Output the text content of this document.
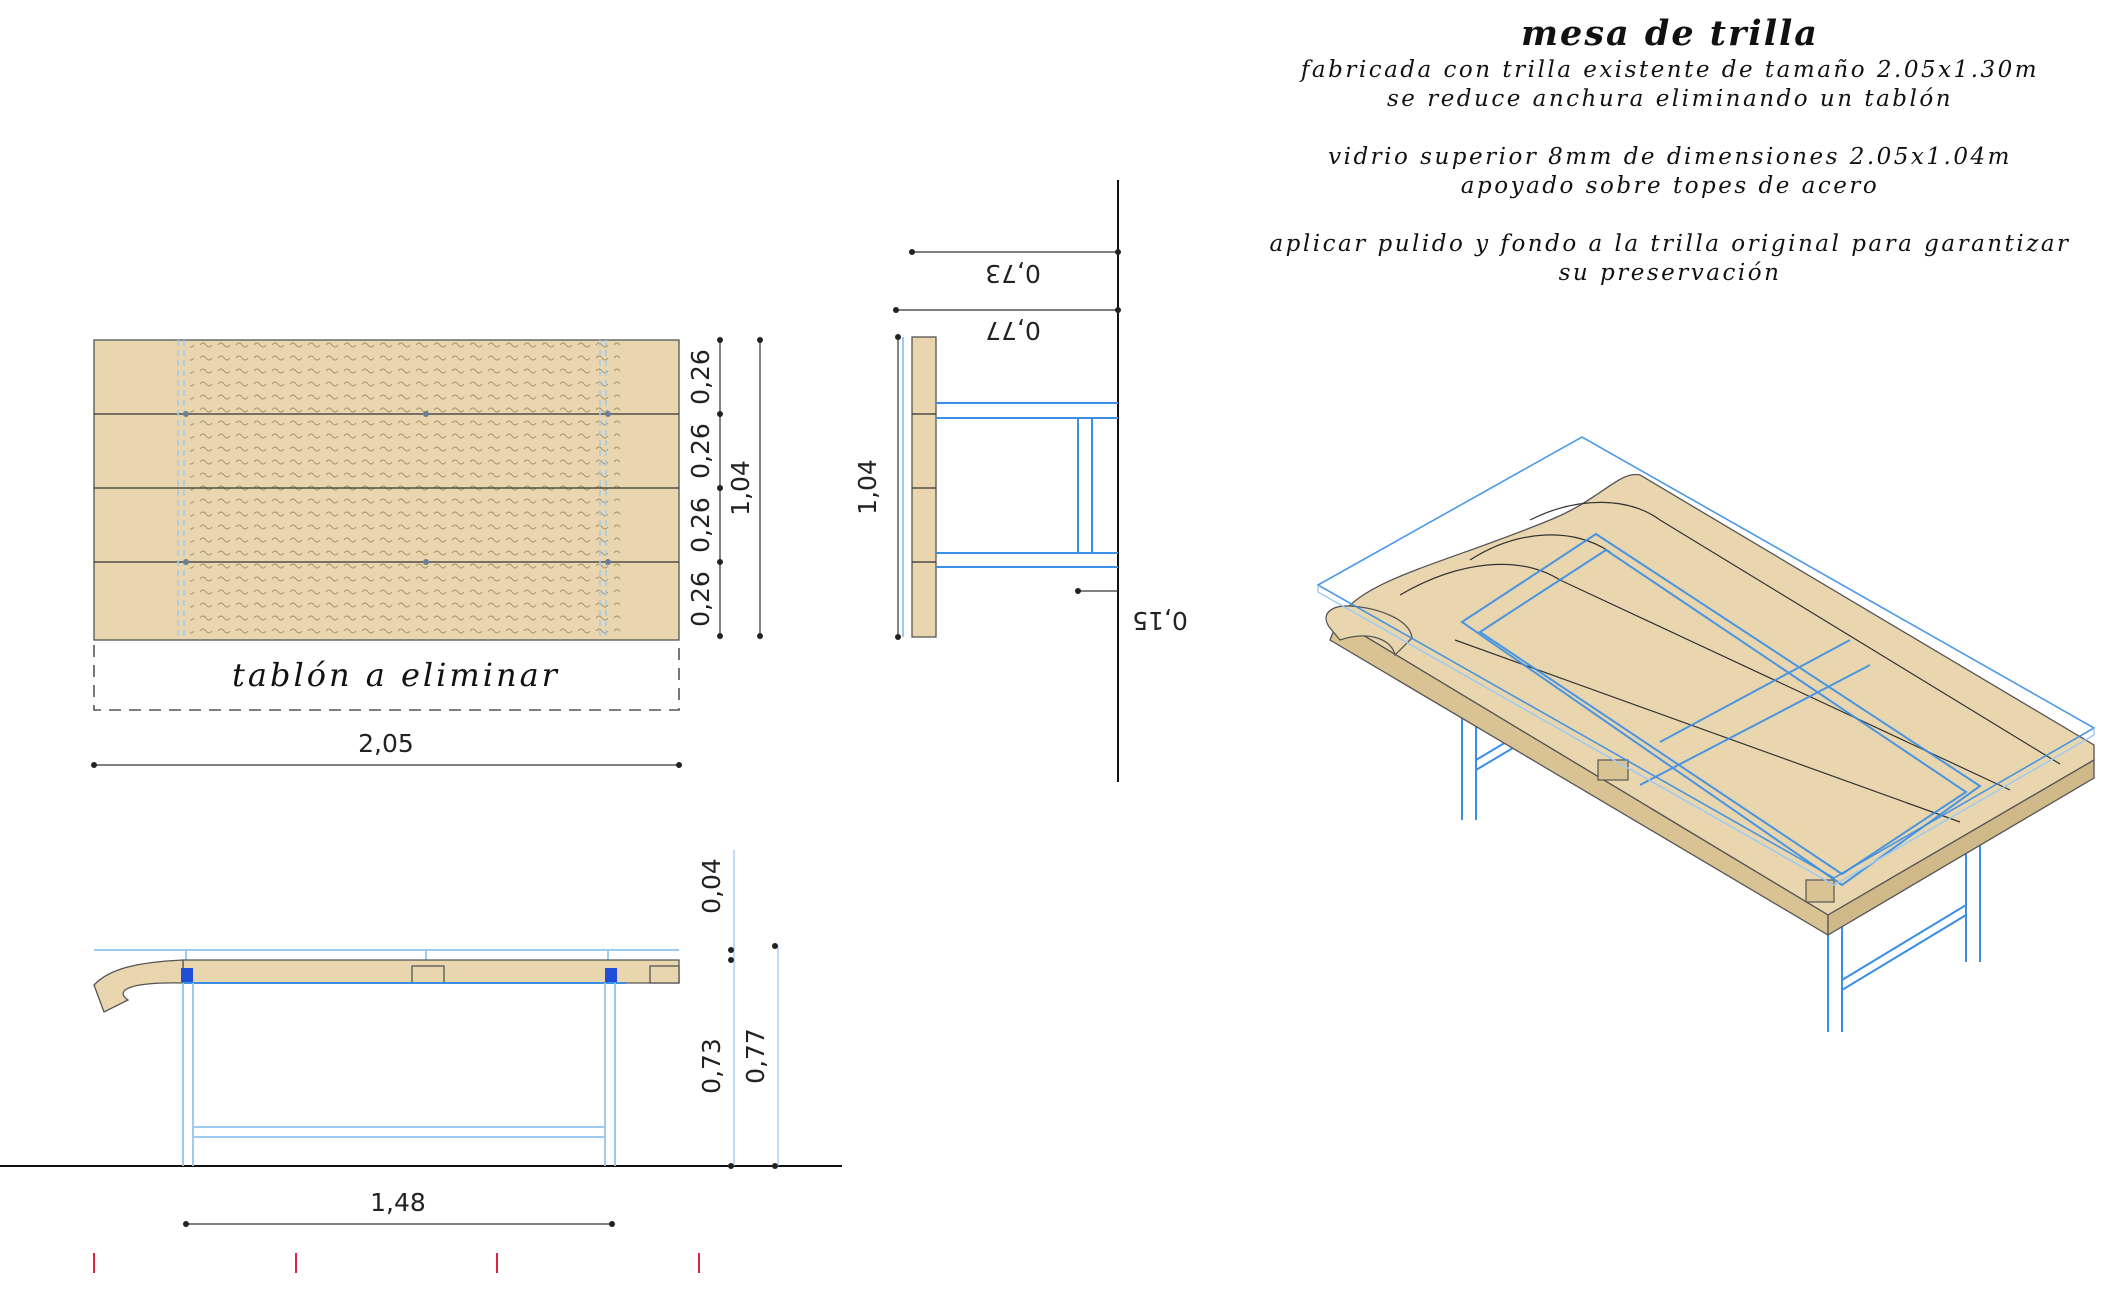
mesa de trilla
fabricada con trilla existente de tamaño 2.05x1.30m
se reduce anchura eliminando un tablón
vidrio superior 8mm de dimensiones 2.05x1.04m
apoyado sobre topes de acero
aplicar pulido y fondo a la trilla original para garantizar
su preservación
tablón a eliminar
0,26
0,26
0,26
0,26
1,04
2,05
0,73
0,77
1,04
0,15
0,04
0,73 0,77
1,48
